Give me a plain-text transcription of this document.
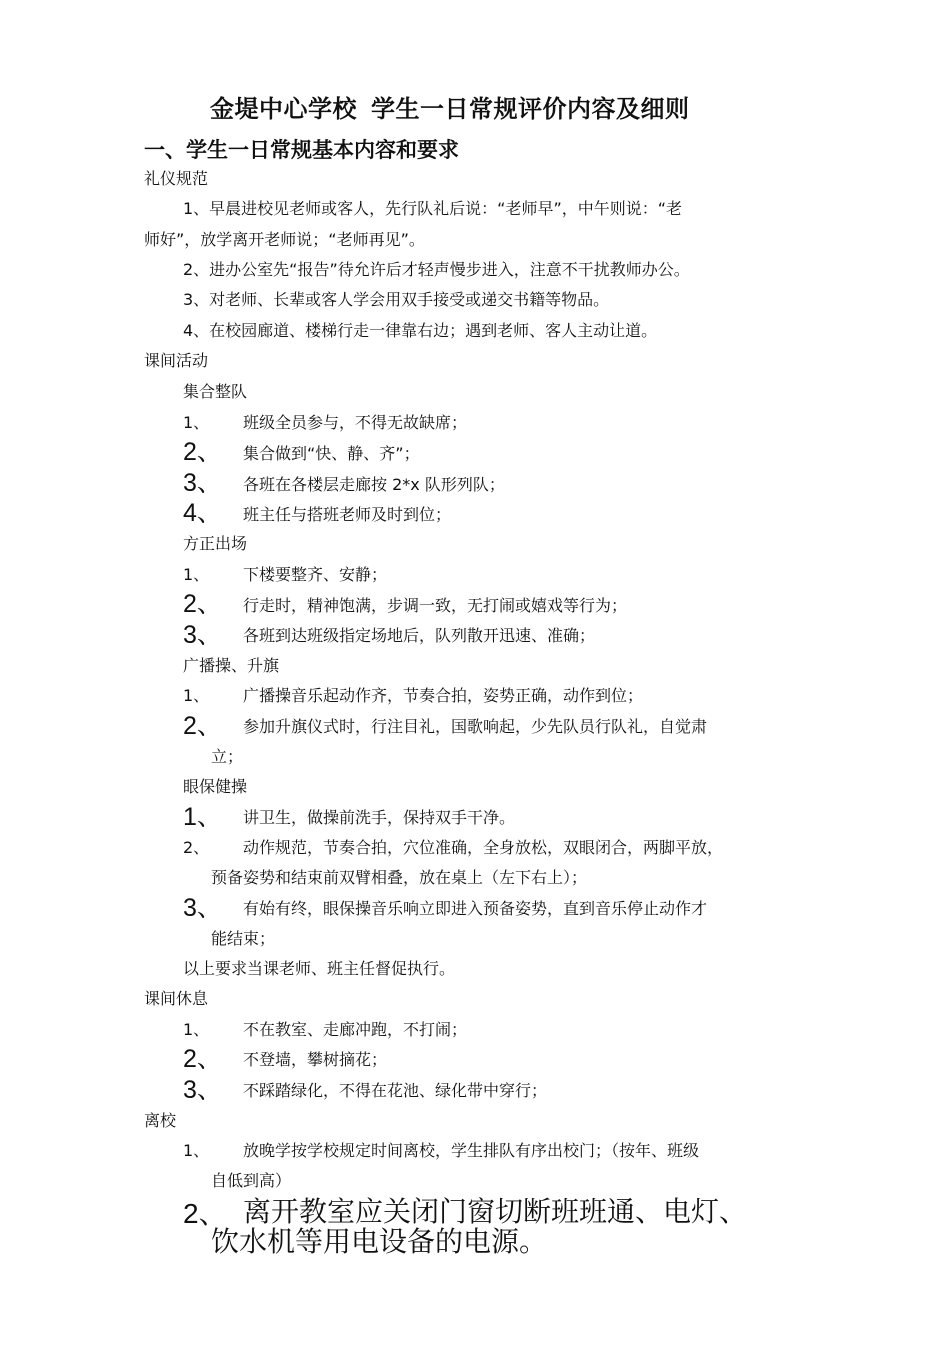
金堤中心学校 学生一日常规评价内容及细则
一、学生一日常规基本内容和要求
礼仪规范
1、早晨进校见老师或客人，先行队礼后说：“老师早”，中午则说：“老
师好”，放学离开老师说；“老师再见”。
2、进办公室先“报告”待允许后才轻声慢步进入，注意不干扰教师办公。
3、对老师、长辈或客人学会用双手接受或递交书籍等物品。
4、在校园廊道、楼梯行走一律靠右边；遇到老师、客人主动让道。
课间活动
集合整队
1、 班级全员参与，不得无故缺席；
2、 集合做到“快、静、齐”；
3、 各班在各楼层走廊按 2*x 队形列队；
4、 班主任与搭班老师及时到位；
方正出场
1、 下楼要整齐、安静；
2、 行走时，精神饱满，步调一致，无打闹或嬉戏等行为；
3、 各班到达班级指定场地后，队列散开迅速、准确；
广播操、升旗
1、 广播操音乐起动作齐，节奏合拍，姿势正确，动作到位；
2、 参加升旗仪式时，行注目礼，国歌响起，少先队员行队礼，自觉肃
立；
眼保健操
1、 讲卫生，做操前洗手，保持双手干净。
2、 动作规范，节奏合拍，穴位准确，全身放松，双眼闭合，两脚平放，
预备姿势和结束前双臂相叠，放在桌上（左下右上）；
3、 有始有终，眼保操音乐响立即进入预备姿势，直到音乐停止动作才
能结束；
以上要求当课老师、班主任督促执行。
课间休息
1、 不在教室、走廊冲跑，不打闹；
2、 不登墙，攀树摘花；
3、 不踩踏绿化，不得在花池、绿化带中穿行；
离校
1、 放晚学按学校规定时间离校，学生排队有序出校门；（按年、班级
自低到高）
2、 离开教室应关闭门窗切断班班通、电灯、
饮水机等用电设备的电源。
